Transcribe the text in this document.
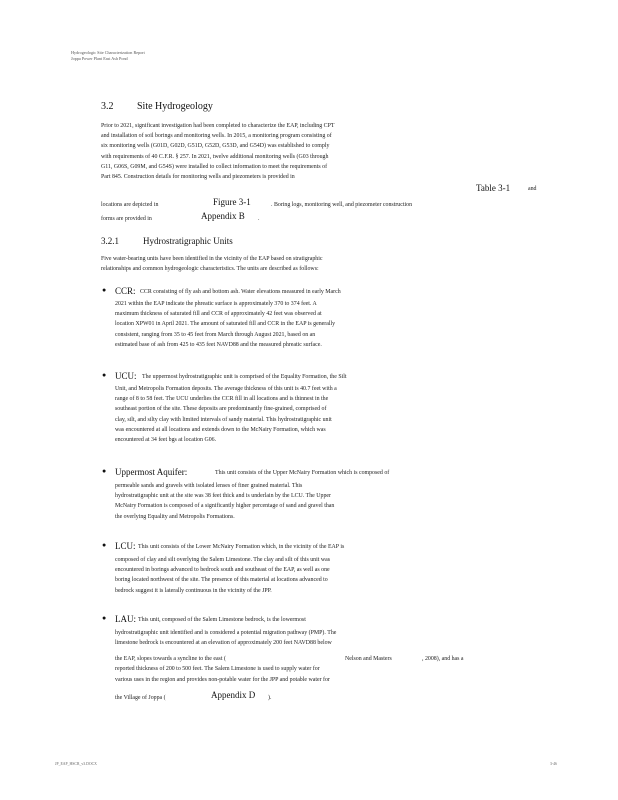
Hydrogeologic Site Characterization Report
Joppa Power Plant East Ash Pond
3.2 Site Hydrogeology
Prior to 2021, significant investigation had been completed to characterize the EAP, including CPT
and installation of soil borings and monitoring wells. In 2015, a monitoring program consisting of
six monitoring wells (G01D, G02D, G51D, G52D, G53D, and G54D) was established to comply
with requirements of 40 C.F.R. § 257. In 2021, twelve additional monitoring wells (G03 through
G11, G06S, G09M, and G54S) were installed to collect information to meet the requirements of
Part 845. Construction details for monitoring wells and piezometers is provided in
Table 3-1	and
locations are depicted in	Figure 3-1	. Boring logs, monitoring well, and piezometer construction
forms are provided in	Appendix B .
3.2.1	Hydrostratigraphic Units
Five water-bearing units have been identified in the vicinity of the EAP based on stratigraphic
relationships and common hydrogeologic characteristics. The units are described as follows:
● CCR: CCR consisting of fly ash and bottom ash. Water elevations measured in early March
2021 within the EAP indicate the phreatic surface is approximately 370 to 374 feet. A
maximum thickness of saturated fill and CCR of approximately 42 feet was observed at
location XPW01 in April 2021. The amount of saturated fill and CCR in the EAP is generally
consistent, ranging from 35 to 45 feet from March through August 2021, based on an
estimated base of ash from 425 to 435 feet NAVD88 and the measured phreatic surface.
● UCU: The uppermost hydrostratigraphic unit is comprised of the Equality Formation, the Silt
Unit, and Metropolis Formation deposits. The average thickness of this unit is 40.7 feet with a
range of 8 to 58 feet. The UCU underlies the CCR fill in all locations and is thinnest in the
southeast portion of the site. These deposits are predominantly fine-grained, comprised of
clay, silt, and silty clay with limited intervals of sandy material. This hydrostratigraphic unit
was encountered at all locations and extends down to the McNairy Formation, which was
encountered at 34 feet bgs at location G06.
● Uppermost Aquifer:	This unit consists of the Upper McNairy Formation which is composed of
permeable sands and gravels with isolated lenses of finer grained material. This
hydrostratigraphic unit at the site was 38 feet thick and is underlain by the LCU. The Upper
McNairy Formation is composed of a significantly higher percentage of sand and gravel than
the overlying Equality and Metropolis Formations.
● LCU: This unit consists of the Lower McNairy Formation which, in the vicinity of the EAP is
composed of clay and silt overlying the Salem Limestone. The clay and silt of this unit was
encountered in borings advanced to bedrock south and southeast of the EAP, as well as one
boring located northwest of the site. The presence of this material at locations advanced to
bedrock suggest it is laterally continuous in the vicinity of the JPP.
● LAU: This unit, composed of the Salem Limestone bedrock, is the lowermost
hydrostratigraphic unit identified and is considered a potential migration pathway (PMP). The
limestone bedrock is encountered at an elevation of approximately 200 feet NAVD88 below
the EAP, slopes towards a syncline to the east (	Nelson and Masters	, 2008), and has a
reported thickness of 200 to 500 feet. The Salem Limestone is used to supply water for
various uses in the region and provides non-potable water for the JPP and potable water for
the Village of Joppa (	Appendix D ).
JP_EAP_HSCR_v3.DOCX	3-46
